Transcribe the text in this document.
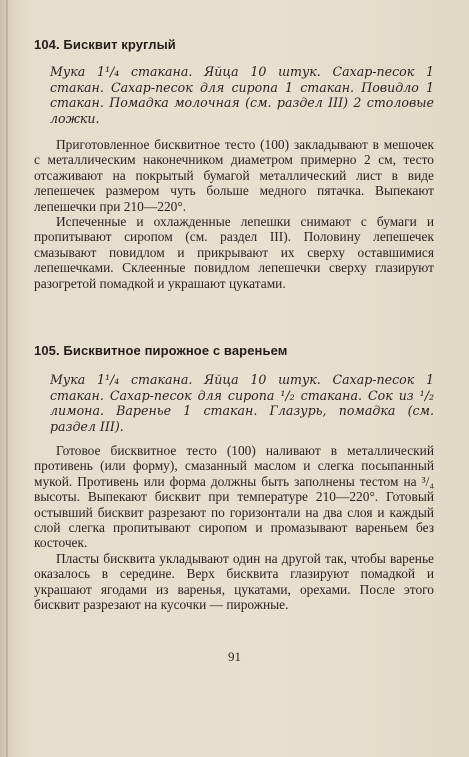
104. Бисквит круглый

Мука 1¹/₄ стакана. Яйца 10 штук. Сахар-песок 1 стакан. Сахар-песок для сиропа 1 стакан. Повидло 1 стакан. Помадка молочная (см. раздел III) 2 столовые ложки.

Приготовленное бисквитное тесто (100) закладывают в мешочек с металлическим наконечником диаметром примерно 2 см, тесто отсаживают на покрытый бумагой металлический лист в виде лепешечек размером чуть больше медного пятачка. Выпекают лепешечки при 210—220°.

Испеченные и охлажденные лепешки снимают с бумаги и пропитывают сиропом (см. раздел III). Половину лепешечек смазывают повидлом и прикрывают их сверху оставшимися лепешечками. Склеенные повидлом лепешечки сверху глазируют разогретой помадкой и украшают цукатами.

105. Бисквитное пирожное с вареньем

Мука 1¹/₄ стакана. Яйца 10 штук. Сахар-песок 1 стакан. Сахар-песок для сиропа ¹/₂ стакана. Сок из ¹/₂ лимона. Варенье 1 стакан. Глазурь, помадка (см. раздел III).

Готовое бисквитное тесто (100) наливают в металлический противень (или форму), смазанный маслом и слегка посыпанный мукой. Противень или форма должны быть заполнены тестом на ³/₄ высоты. Выпекают бисквит при температуре 210—220°. Готовый остывший бисквит разрезают по горизонтали на два слоя и каждый слой слегка пропитывают сиропом и промазывают вареньем без косточек.

Пласты бисквита укладывают один на другой так, чтобы варенье оказалось в середине. Верх бисквита глазируют помадкой и украшают ягодами из варенья, цукатами, орехами. После этого бисквит разрезают на кусочки — пирожные.

91
